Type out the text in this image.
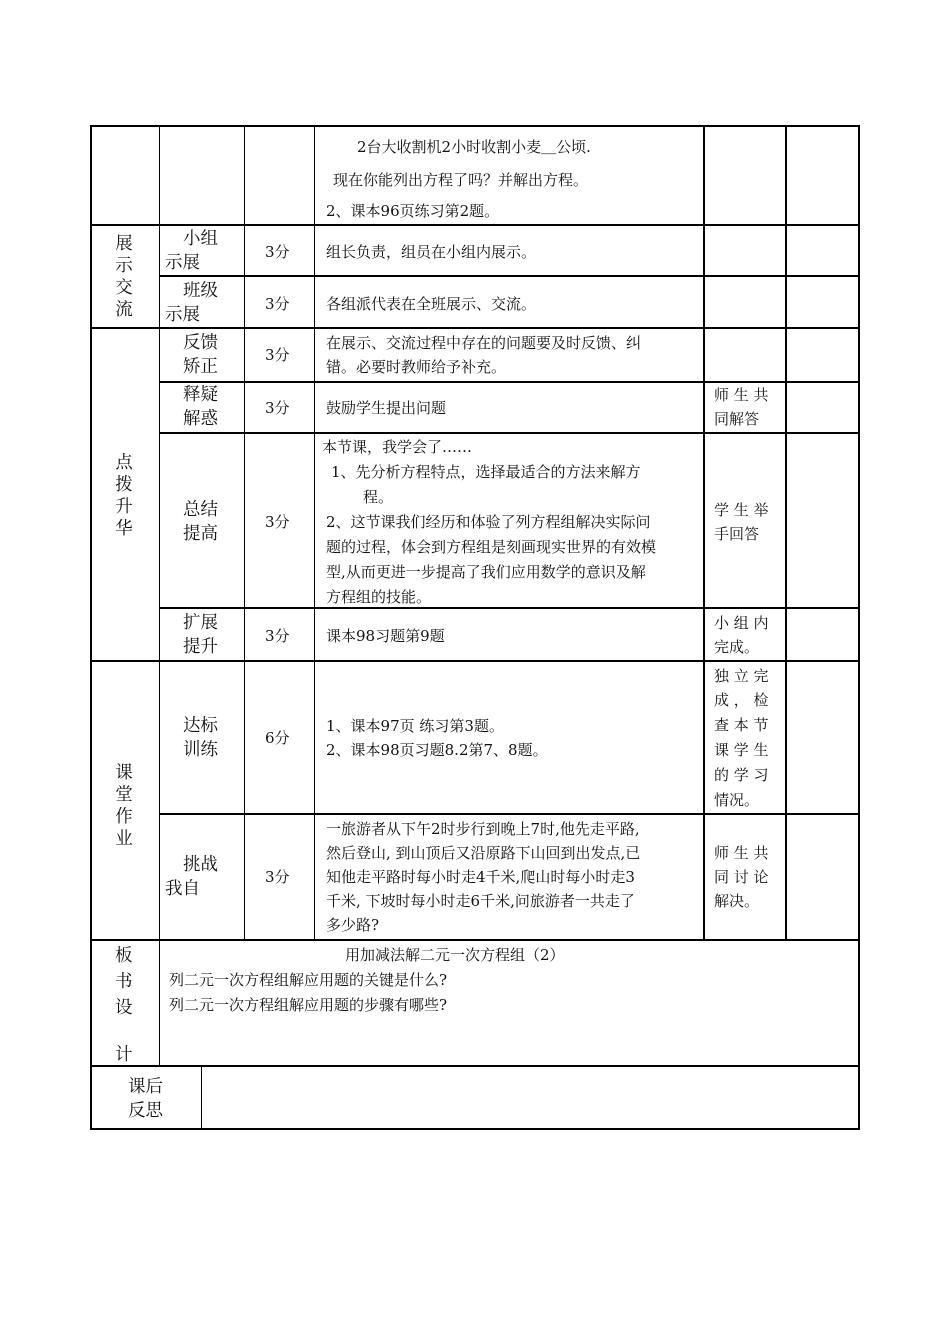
2台大收割机2小时收割小麦＿公顷.
现在你能列出方程了吗？并解出方程。
2、课本96页练习第2题。
展
示
交
流
小组
示展
3分 组长负责，组员在小组内展示。
班级
示展
3分 各组派代表在全班展示、交流。
点
拨
升
华
反馈
矫正
3分
在展示、交流过程中存在的问题要及时反馈、纠
错。必要时教师给予补充。
释疑
解惑
3分 鼓励学生提出问题
师 生 共
同解答
总结
提高
3分
本节课，我学会了……
1、先分析方程特点，选择最适合的方法来解方
程。
2、这节课我们经历和体验了列方程组解决实际问
题的过程，体会到方程组是刻画现实世界的有效模
型,从而更进一步提高了我们应用数学的意识及解
方程组的技能。
学 生 举
手回答
扩展
提升
3分 课本98习题第9题
小 组 内
完成。
课
堂
作
业
达标
训练
6分
1、课本97页 练习第3题。
2、课本98页习题8.2第7、8题。
独 立 完
成 ， 检
查 本 节
课 学 生
的 学 习
情况。
挑战
我自
3分
一旅游者从下午2时步行到晚上7时,他先走平路,
然后登山, 到山顶后又沿原路下山回到出发点,已
知他走平路时每小时走4千米,爬山时每小时走3
千米, 下坡时每小时走6千米,问旅游者一共走了
多少路?
师 生 共
同 讨 论
解决。
板
书
设
计
用加减法解二元一次方程组（2）
列二元一次方程组解应用题的关键是什么?
列二元一次方程组解应用题的步骤有哪些?
课后
反思
